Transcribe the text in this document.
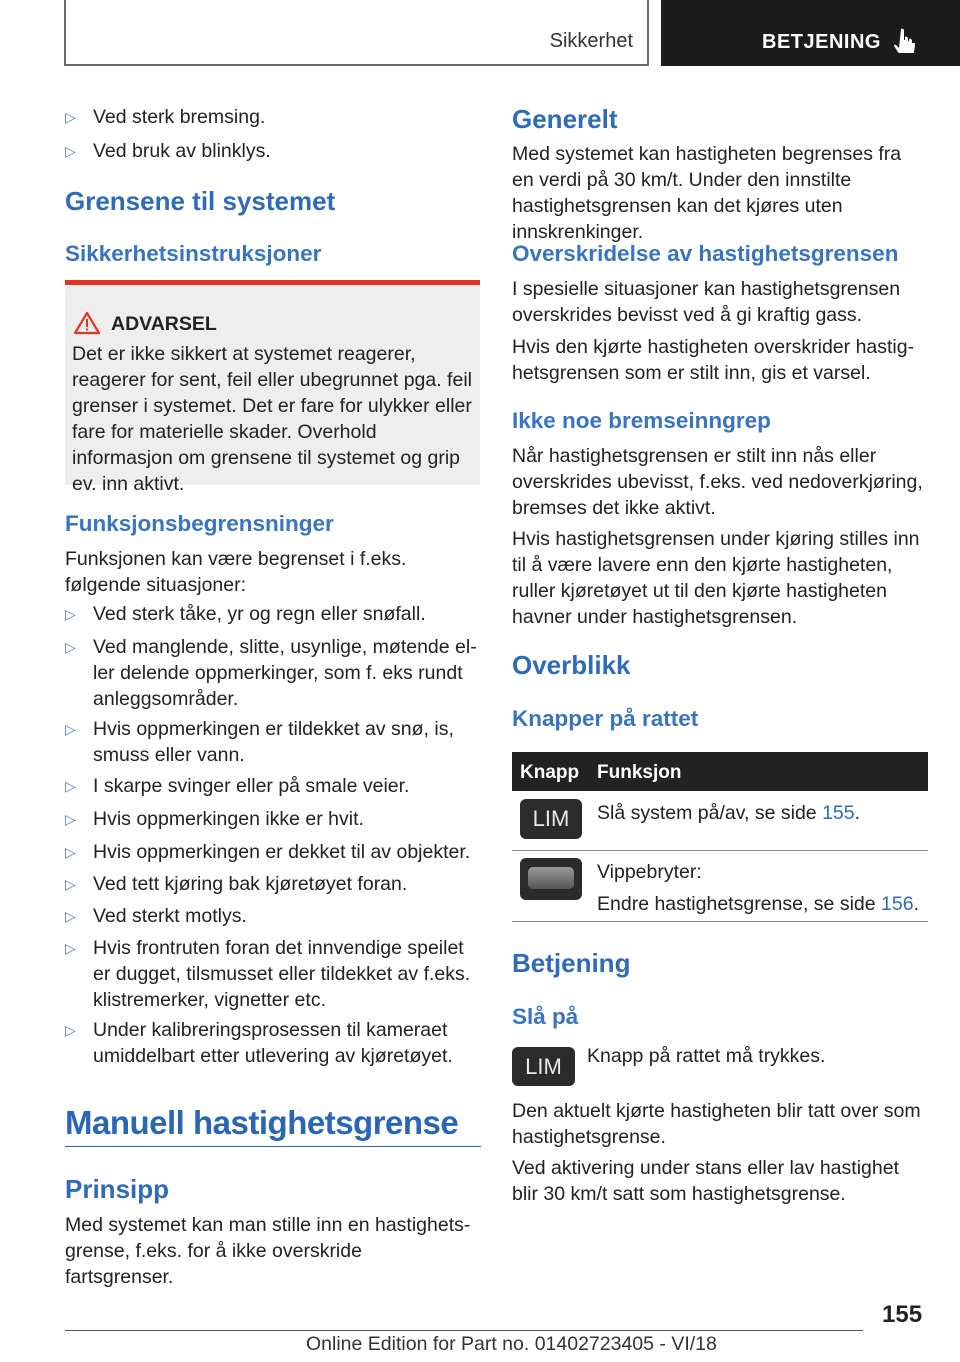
Sikkerhet	BETJENING
▷ Ved sterk bremsing.
▷ Ved bruk av blinklys.
Grensene til systemet
Sikkerhetsinstruksjoner
ADVARSEL
Det er ikke sikkert at systemet reagerer, reagerer for sent, feil eller ubegrunnet pga. feil grenser i systemet. Det er fare for ulykker eller fare for materielle skader. Overhold informasjon om grensene til systemet og grip ev. inn aktivt.
Funksjonsbegrensninger
Funksjonen kan være begrenset i f.eks. følgende situasjoner:
▷ Ved sterk tåke, yr og regn eller snøfall.
▷ Ved manglende, slitte, usynlige, møtende eller delende oppmerkinger, som f. eks rundt anleggsområder.
▷ Hvis oppmerkingen er tildekket av snø, is, smuss eller vann.
▷ I skarpe svinger eller på smale veier.
▷ Hvis oppmerkingen ikke er hvit.
▷ Hvis oppmerkingen er dekket til av objekter.
▷ Ved tett kjøring bak kjøretøyet foran.
▷ Ved sterkt motlys.
▷ Hvis frontruten foran det innvendige speilet er dugget, tilsmusset eller tildekket av f.eks. klistremerker, vignetter etc.
▷ Under kalibreringsprosessen til kameraet umiddelbart etter utlevering av kjøretøyet.
Manuell hastighetsgrense
Prinsipp
Med systemet kan man stille inn en hastighetsgrense, f.eks. for å ikke overskride fartsgrenser.
Generelt
Med systemet kan hastigheten begrenses fra en verdi på 30 km/t. Under den innstilte hastighetsgrensen kan det kjøres uten innskrenkinger.
Overskridelse av hastighetsgrensen
I spesielle situasjoner kan hastighetsgrensen overskrides bevisst ved å gi kraftig gass.
Hvis den kjørte hastigheten overskrider hastighetsgrensen som er stilt inn, gis et varsel.
Ikke noe bremseinngrep
Når hastighetsgrensen er stilt inn nås eller overskrides ubevisst, f.eks. ved nedoverkjøring, bremses det ikke aktivt.
Hvis hastighetsgrensen under kjøring stilles inn til å være lavere enn den kjørte hastigheten, ruller kjøretøyet ut til den kjørte hastigheten havner under hastighetsgrensen.
Overblikk
Knapper på rattet
Knapp Funksjon
LIM	Slå system på/av, se side 155.
Vippebryter:
Endre hastighetsgrense, se side 156.
Betjening
Slå på
LIM	Knapp på rattet må trykkes.
Den aktuelt kjørte hastigheten blir tatt over som hastighetsgrense.
Ved aktivering under stans eller lav hastighet blir 30 km/t satt som hastighetsgrense.
155
Online Edition for Part no. 01402723405 - VI/18
